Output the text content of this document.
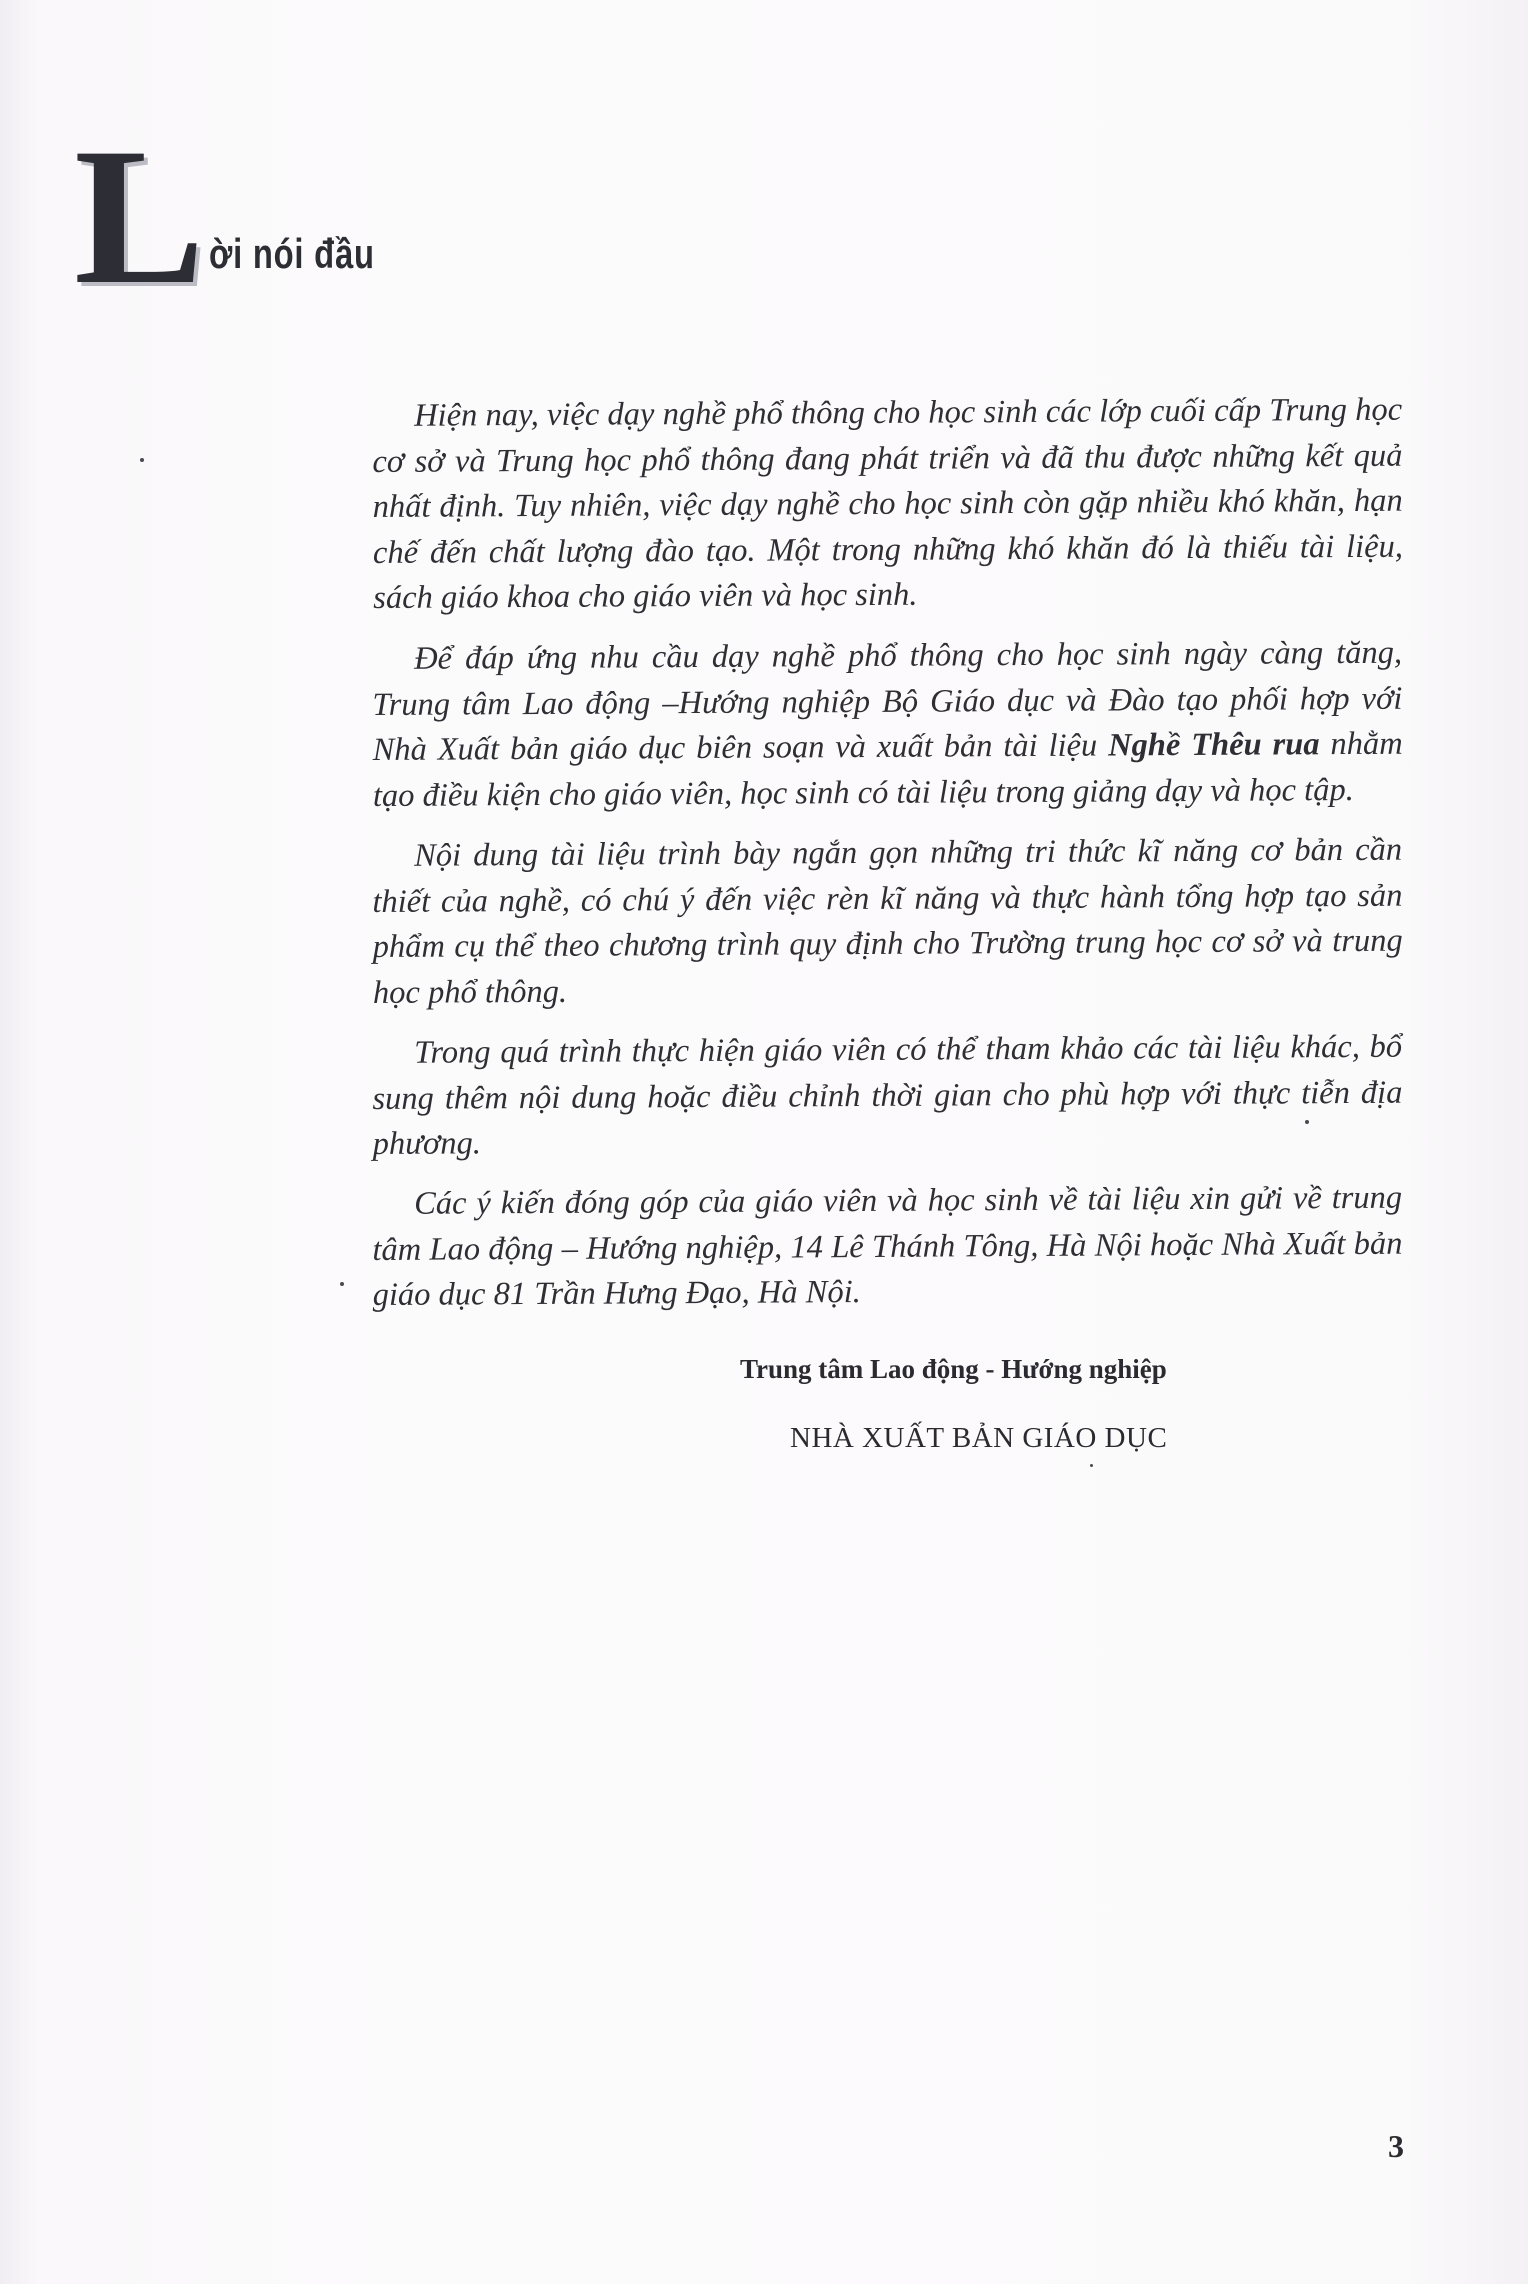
L ời nói đầu

Hiện nay, việc dạy nghề phổ thông cho học sinh các lớp cuối cấp Trung học cơ sở và Trung học phổ thông đang phát triển và đã thu được những kết quả nhất định. Tuy nhiên, việc dạy nghề cho học sinh còn gặp nhiều khó khăn, hạn chế đến chất lượng đào tạo. Một trong những khó khăn đó là thiếu tài liệu, sách giáo khoa cho giáo viên và học sinh.

Để đáp ứng nhu cầu dạy nghề phổ thông cho học sinh ngày càng tăng, Trung tâm Lao động –Hướng nghiệp Bộ Giáo dục và Đào tạo phối hợp với Nhà Xuất bản giáo dục biên soạn và xuất bản tài liệu Nghề Thêu rua nhằm tạo điều kiện cho giáo viên, học sinh có tài liệu trong giảng dạy và học tập.

Nội dung tài liệu trình bày ngắn gọn những tri thức kĩ năng cơ bản cần thiết của nghề, có chú ý đến việc rèn kĩ năng và thực hành tổng hợp tạo sản phẩm cụ thể theo chương trình quy định cho Trường trung học cơ sở và trung học phổ thông.

Trong quá trình thực hiện giáo viên có thể tham khảo các tài liệu khác, bổ sung thêm nội dung hoặc điều chỉnh thời gian cho phù hợp với thực tiễn địa phương.

Các ý kiến đóng góp của giáo viên và học sinh về tài liệu xin gửi về trung tâm Lao động – Hướng nghiệp, 14 Lê Thánh Tông, Hà Nội hoặc Nhà Xuất bản giáo dục 81 Trần Hưng Đạo, Hà Nội.

Trung tâm Lao động - Hướng nghiệp
NHÀ XUẤT BẢN GIÁO DỤC
3
